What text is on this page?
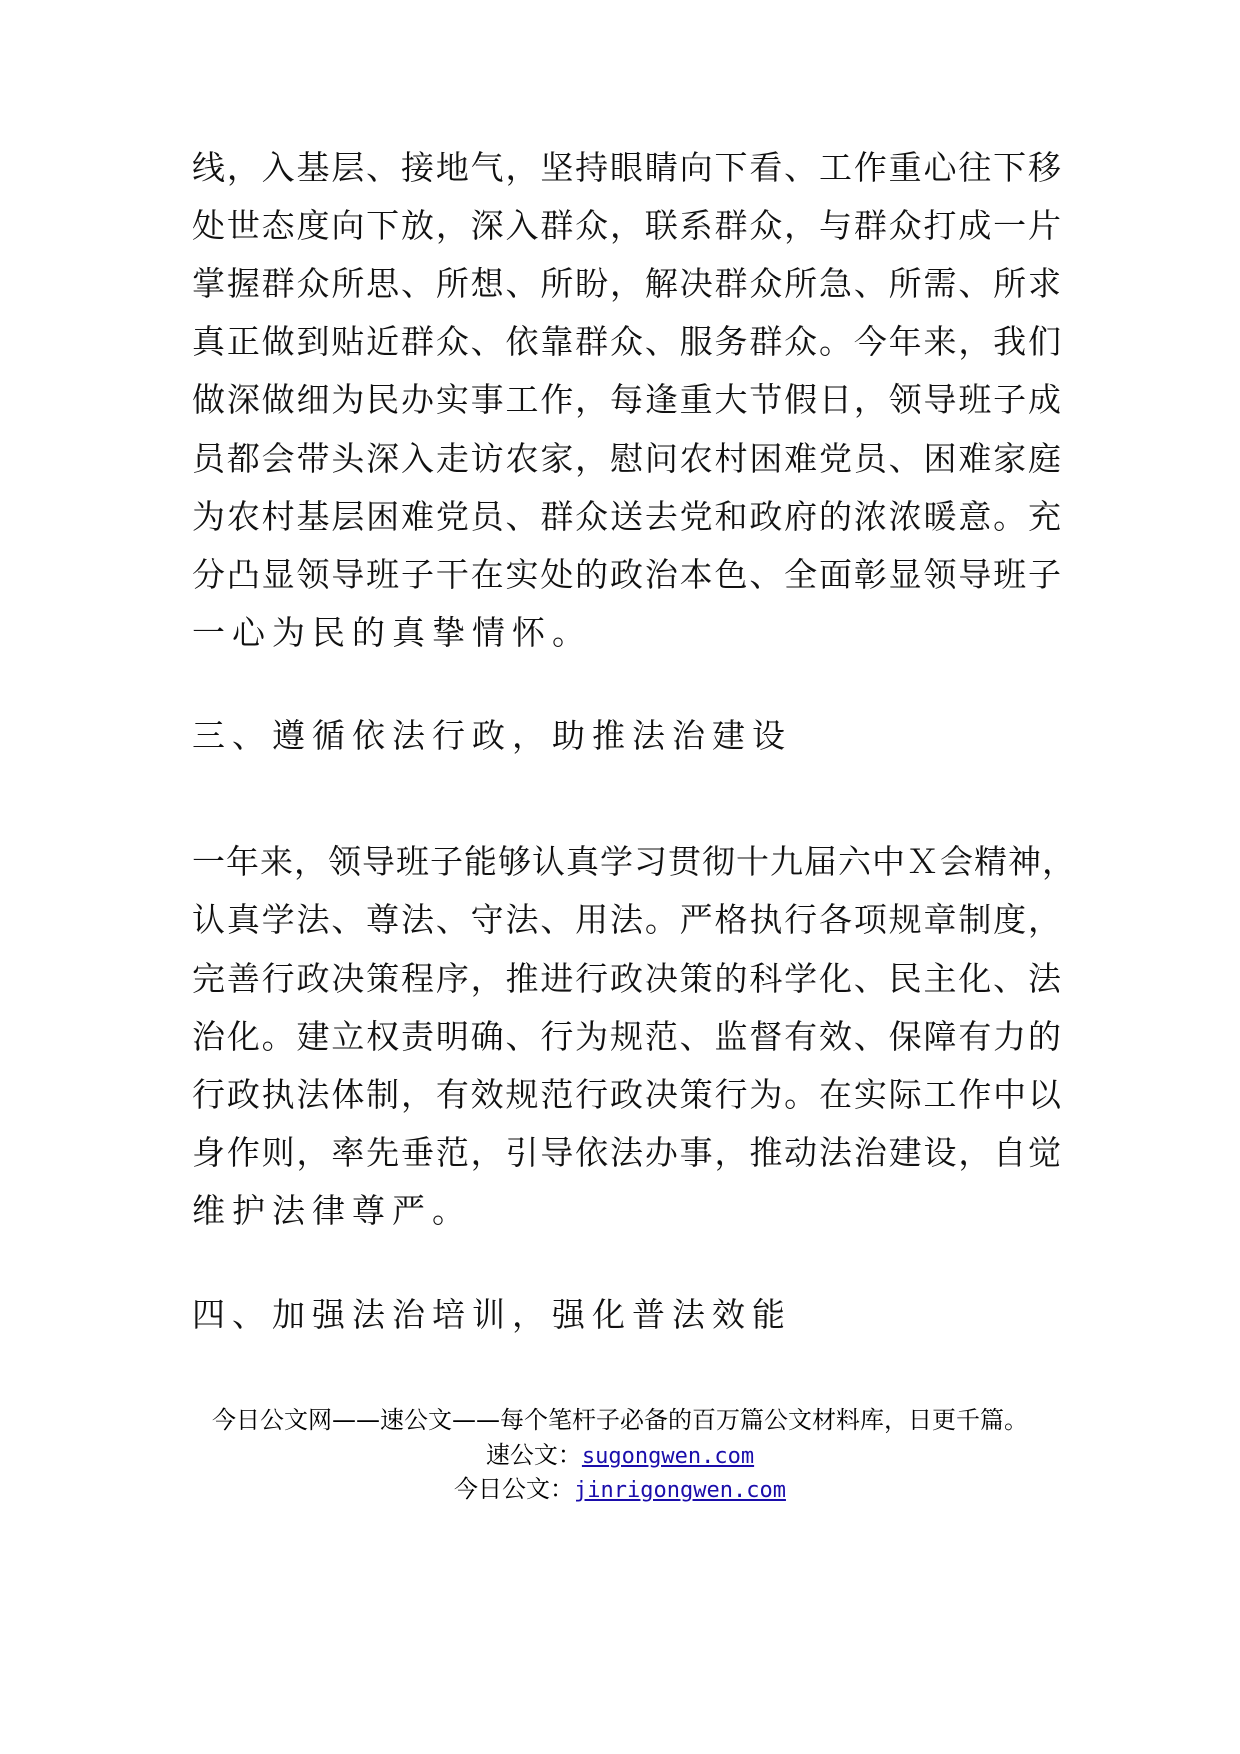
线，入基层、接地气，坚持眼睛向下看、工作重心往下移
处世态度向下放，深入群众，联系群众，与群众打成一片
掌握群众所思、所想、所盼，解决群众所急、所需、所求
真正做到贴近群众、依靠群众、服务群众。今年来，我们
做深做细为民办实事工作，每逢重大节假日，领导班子成
员都会带头深入走访农家，慰问农村困难党员、困难家庭
为农村基层困难党员、群众送去党和政府的浓浓暖意。充
分凸显领导班子干在实处的政治本色、全面彰显领导班子
一心为民的真挚情怀。
三、遵循依法行政，助推法治建设
一年来，领导班子能够认真学习贯彻十九届六中Ｘ会精神，
认真学法、尊法、守法、用法。严格执行各项规章制度，
完善行政决策程序，推进行政决策的科学化、民主化、法
治化。建立权责明确、行为规范、监督有效、保障有力的
行政执法体制，有效规范行政决策行为。在实际工作中以
身作则，率先垂范，引导依法办事，推动法治建设，自觉
维护法律尊严。
四、加强法治培训，强化普法效能
今日公文网——速公文——每个笔杆子必备的百万篇公文材料库，日更千篇。
速公文：sugongwen.com
今日公文：jinrigongwen.com
